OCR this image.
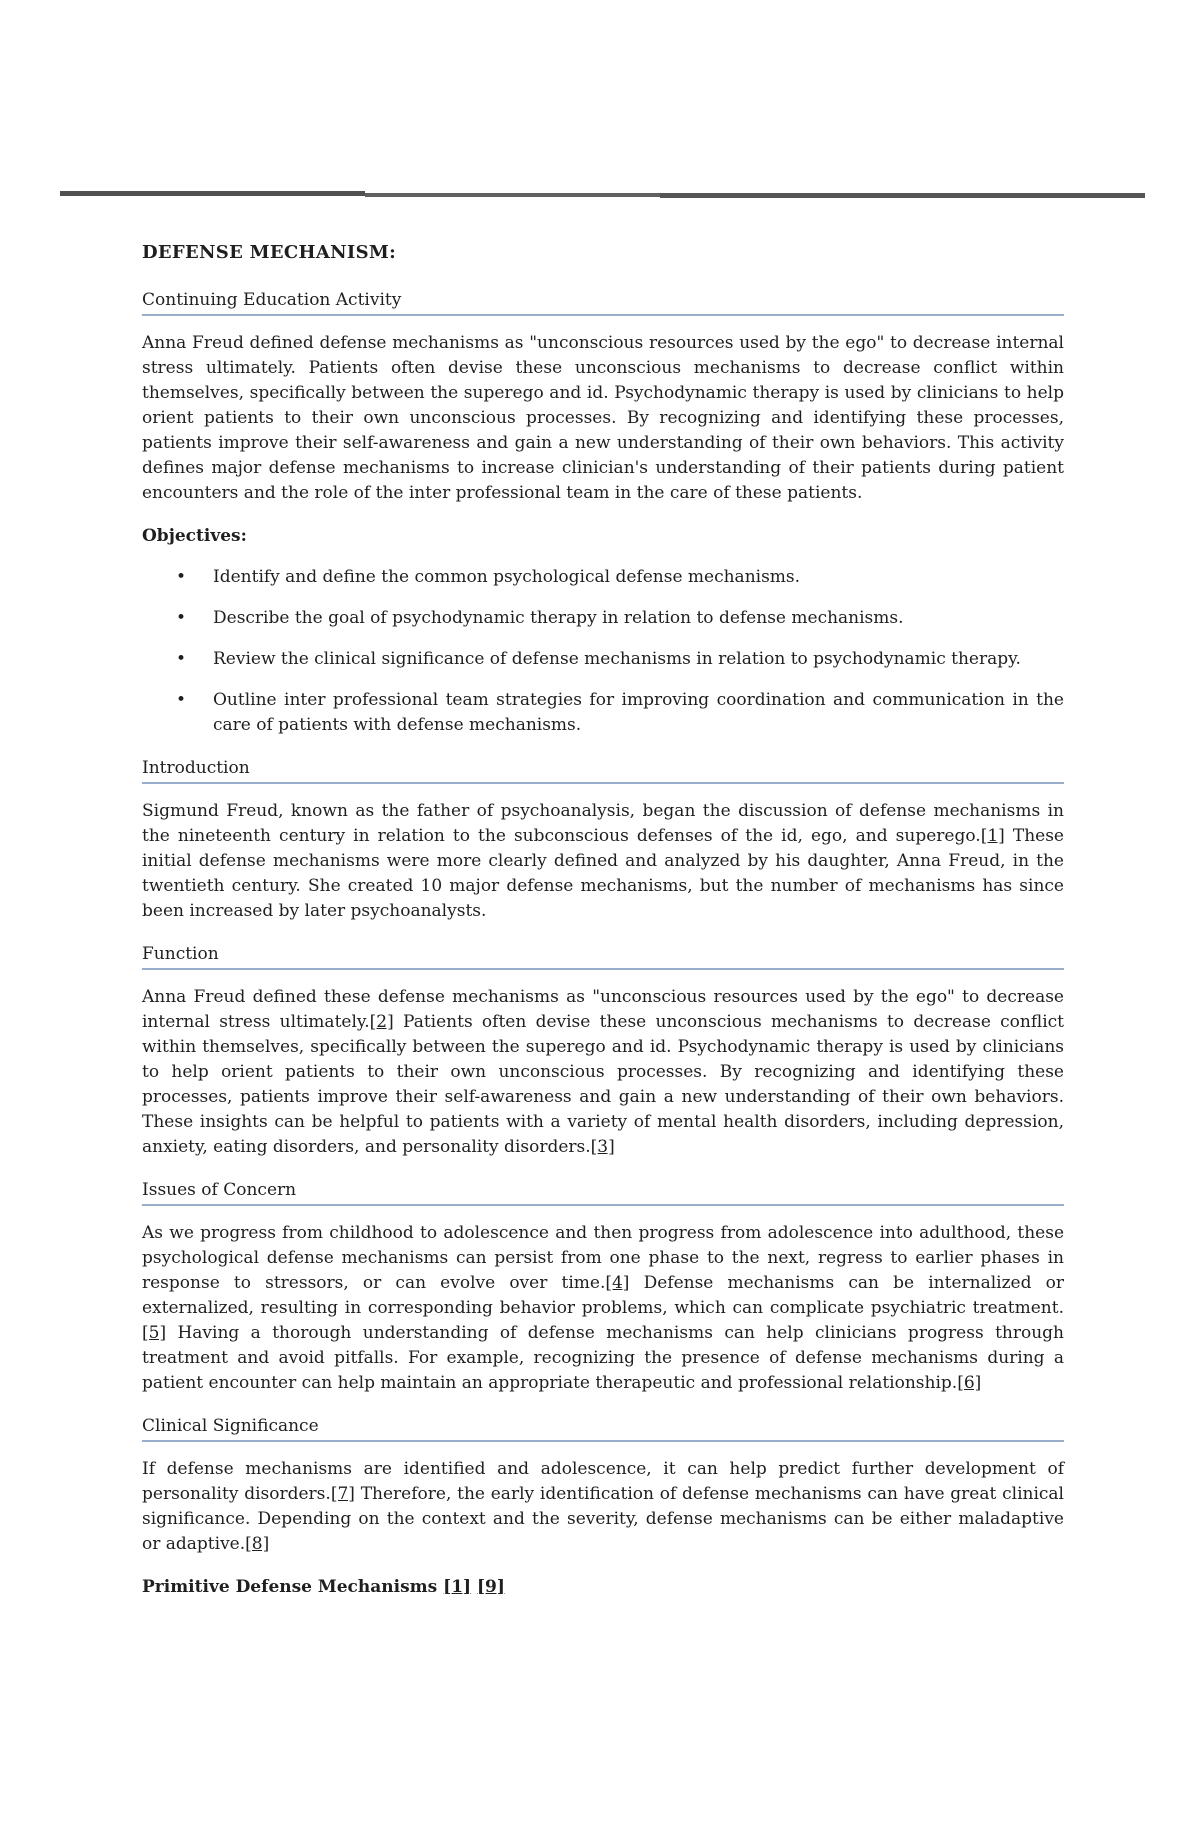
DEFENSE MECHANISM:
Continuing Education Activity

Anna Freud defined defense mechanisms as "unconscious resources used by the ego" to decrease internal stress ultimately. Patients often devise these unconscious mechanisms to decrease conflict within themselves, specifically between the superego and id. Psychodynamic therapy is used by clinicians to help orient patients to their own unconscious processes. By recognizing and identifying these processes, patients improve their self-awareness and gain a new understanding of their own behaviors. This activity defines major defense mechanisms to increase clinician's understanding of their patients during patient encounters and the role of the inter professional team in the care of these patients.

Objectives:
• Identify and define the common psychological defense mechanisms.
• Describe the goal of psychodynamic therapy in relation to defense mechanisms.
• Review the clinical significance of defense mechanisms in relation to psychodynamic therapy.
• Outline inter professional team strategies for improving coordination and communication in the care of patients with defense mechanisms.
Introduction

Sigmund Freud, known as the father of psychoanalysis, began the discussion of defense mechanisms in the nineteenth century in relation to the subconscious defenses of the id, ego, and superego.[1] These initial defense mechanisms were more clearly defined and analyzed by his daughter, Anna Freud, in the twentieth century. She created 10 major defense mechanisms, but the number of mechanisms has since been increased by later psychoanalysts.

Function

Anna Freud defined these defense mechanisms as "unconscious resources used by the ego" to decrease internal stress ultimately.[2] Patients often devise these unconscious mechanisms to decrease conflict within themselves, specifically between the superego and id. Psychodynamic therapy is used by clinicians to help orient patients to their own unconscious processes. By recognizing and identifying these processes, patients improve their self-awareness and gain a new understanding of their own behaviors. These insights can be helpful to patients with a variety of mental health disorders, including depression, anxiety, eating disorders, and personality disorders.[3]

Issues of Concern

As we progress from childhood to adolescence and then progress from adolescence into adulthood, these psychological defense mechanisms can persist from one phase to the next, regress to earlier phases in response to stressors, or can evolve over time.[4] Defense mechanisms can be internalized or externalized, resulting in corresponding behavior problems, which can complicate psychiatric treatment.[5] Having a thorough understanding of defense mechanisms can help clinicians progress through treatment and avoid pitfalls. For example, recognizing the presence of defense mechanisms during a patient encounter can help maintain an appropriate therapeutic and professional relationship.[6]

Clinical Significance

If defense mechanisms are identified and adolescence, it can help predict further development of personality disorders.[7] Therefore, the early identification of defense mechanisms can have great clinical significance. Depending on the context and the severity, defense mechanisms can be either maladaptive or adaptive.[8]

Primitive Defense Mechanisms [1] [9]
